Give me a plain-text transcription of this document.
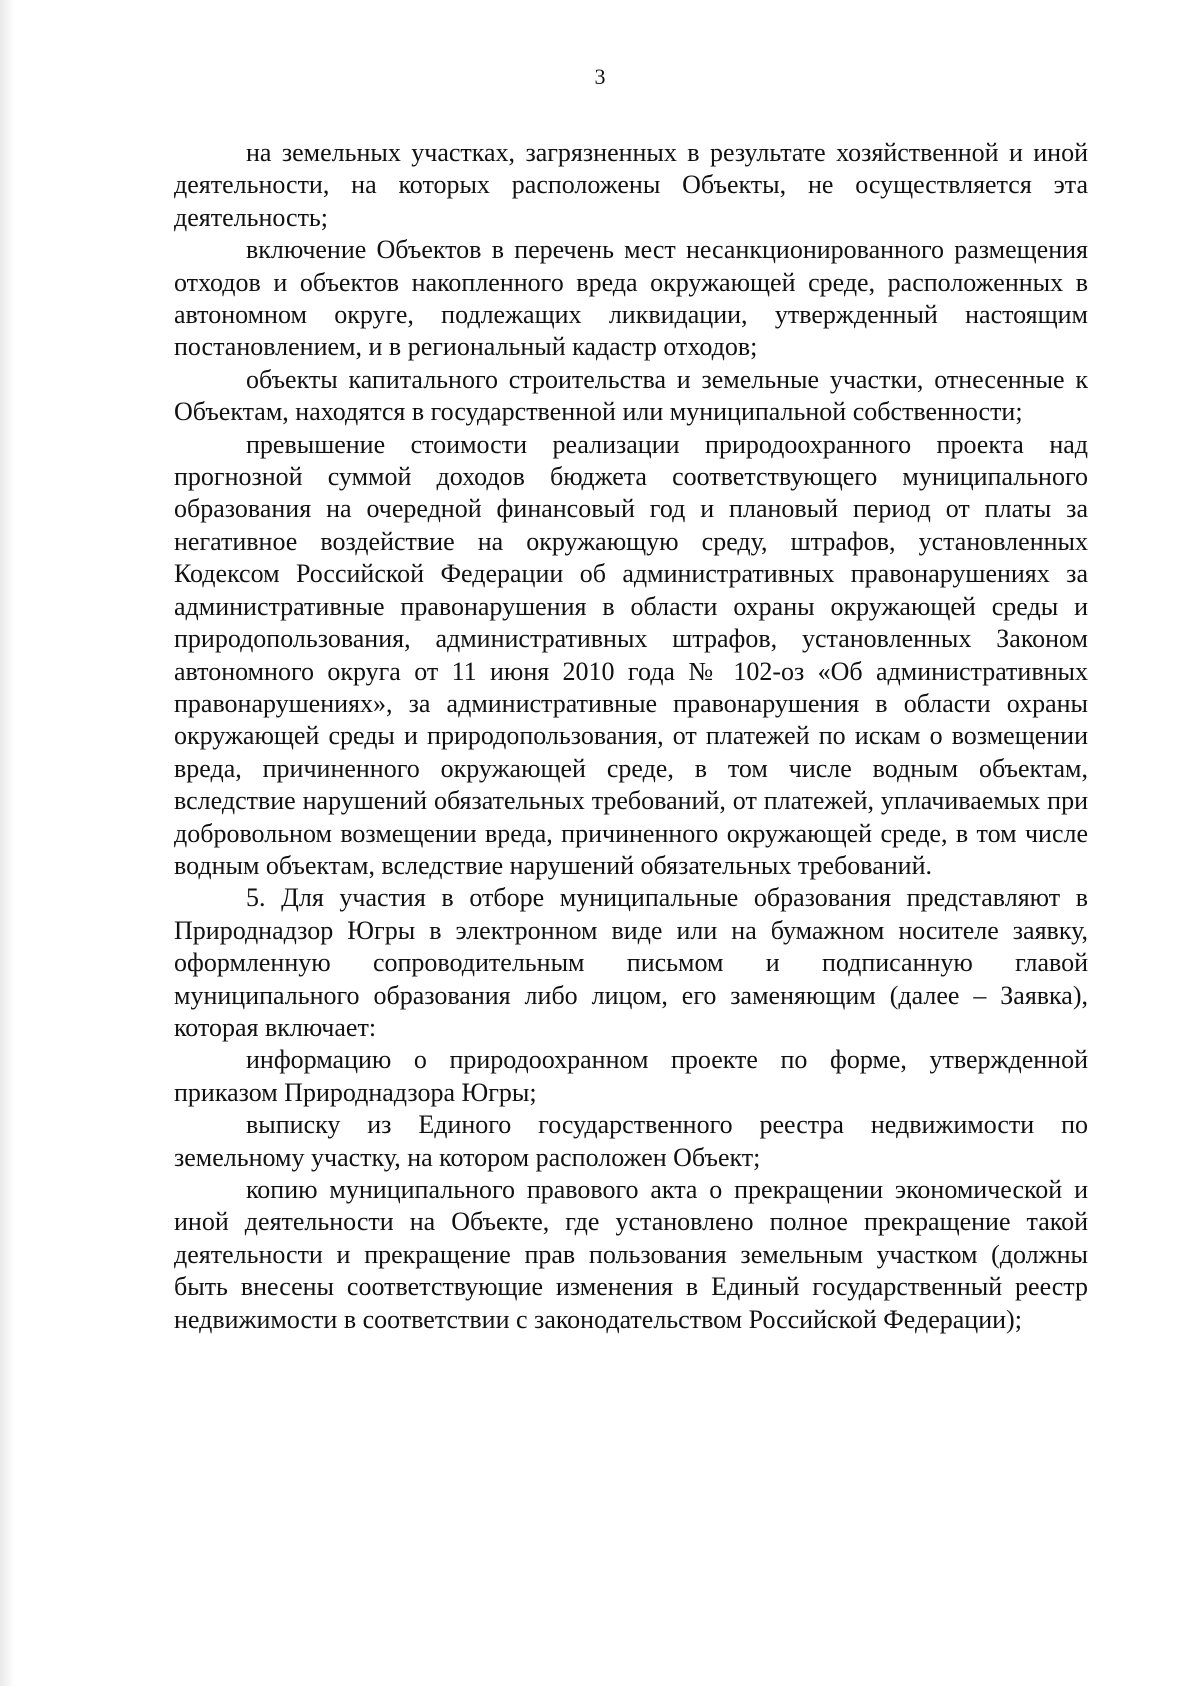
3

на земельных участках, загрязненных в результате хозяйственной и иной деятельности, на которых расположены Объекты, не осуществляется эта деятельность;

включение Объектов в перечень мест несанкционированного размещения отходов и объектов накопленного вреда окружающей среде, расположенных в автономном округе, подлежащих ликвидации, утвержденный настоящим постановлением, и в региональный кадастр отходов;

объекты капитального строительства и земельные участки, отнесенные к Объектам, находятся в государственной или муниципальной собственности;

превышение стоимости реализации природоохранного проекта над прогнозной суммой доходов бюджета соответствующего муниципального образования на очередной финансовый год и плановый период от платы за негативное воздействие на окружающую среду, штрафов, установленных Кодексом Российской Федерации об административных правонарушениях за административные правонарушения в области охраны окружающей среды и природопользования, административных штрафов, установленных Законом автономного округа от 11 июня 2010 года № 102-оз «Об административных правонарушениях», за административные правонарушения в области охраны окружающей среды и природопользования, от платежей по искам о возмещении вреда, причиненного окружающей среде, в том числе водным объектам, вследствие нарушений обязательных требований, от платежей, уплачиваемых при добровольном возмещении вреда, причиненного окружающей среде, в том числе водным объектам, вследствие нарушений обязательных требований.

5. Для участия в отборе муниципальные образования представляют в Природнадзор Югры в электронном виде или на бумажном носителе заявку, оформленную сопроводительным письмом и подписанную главой муниципального образования либо лицом, его заменяющим (далее – Заявка), которая включает:

информацию о природоохранном проекте по форме, утвержденной приказом Природнадзора Югры;

выписку из Единого государственного реестра недвижимости по земельному участку, на котором расположен Объект;

копию муниципального правового акта о прекращении экономической и иной деятельности на Объекте, где установлено полное прекращение такой деятельности и прекращение прав пользования земельным участком (должны быть внесены соответствующие изменения в Единый государственный реестр недвижимости в соответствии с законодательством Российской Федерации);
